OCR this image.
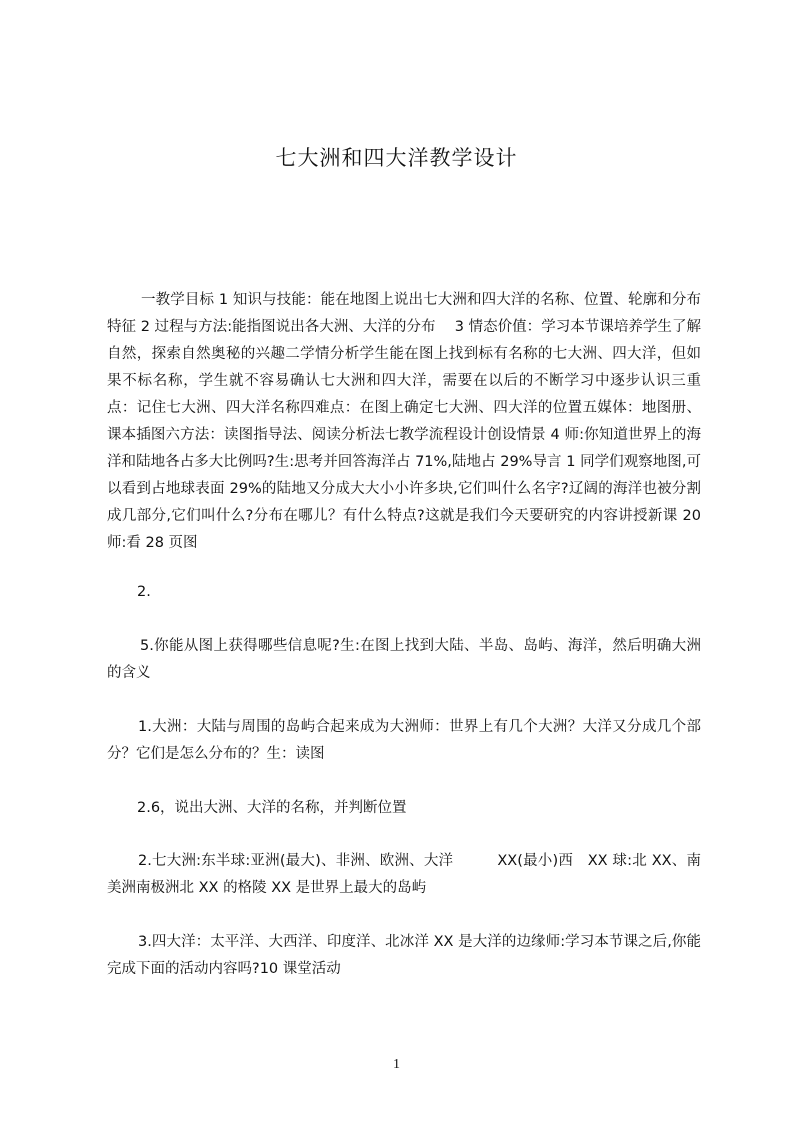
七大洲和四大洋教学设计

一教学目标 1 知识与技能：能在地图上说出七大洲和四大洋的名称、位置、轮廓和分布特征 2 过程与方法:能指图说出各大洲、大洋的分布　 3 情态价值：学习本节课培养学生了解自然，探索自然奥秘的兴趣二学情分析学生能在图上找到标有名称的七大洲、四大洋，但如果不标名称，学生就不容易确认七大洲和四大洋，需要在以后的不断学习中逐步认识三重点：记住七大洲、四大洋名称四难点：在图上确定七大洲、四大洋的位置五媒体：地图册、课本插图六方法：读图指导法、阅读分析法七教学流程设计创设情景 4 师:你知道世界上的海洋和陆地各占多大比例吗?生:思考并回答海洋占 71%,陆地占 29%导言 1 同学们观察地图,可以看到占地球表面 29%的陆地又分成大大小小许多块,它们叫什么名字?辽阔的海洋也被分割成几部分,它们叫什么?分布在哪儿？有什么特点?这就是我们今天要研究的内容讲授新课 20 师:看 28 页图

2.

5.你能从图上获得哪些信息呢?生:在图上找到大陆、半岛、岛屿、海洋，然后明确大洲的含义

1.大洲：大陆与周围的岛屿合起来成为大洲师：世界上有几个大洲？大洋又分成几个部分？它们是怎么分布的？生：读图

2.6，说出大洲、大洋的名称，并判断位置

2.七大洲:东半球:亚洲(最大)、非洲、欧洲、大洋　　　XX(最小)西　XX 球:北 XX、南美洲南极洲北 XX 的格陵 XX 是世界上最大的岛屿

3.四大洋：太平洋、大西洋、印度洋、北冰洋 XX 是大洋的边缘师:学习本节课之后,你能完成下面的活动内容吗?10 课堂活动

1
